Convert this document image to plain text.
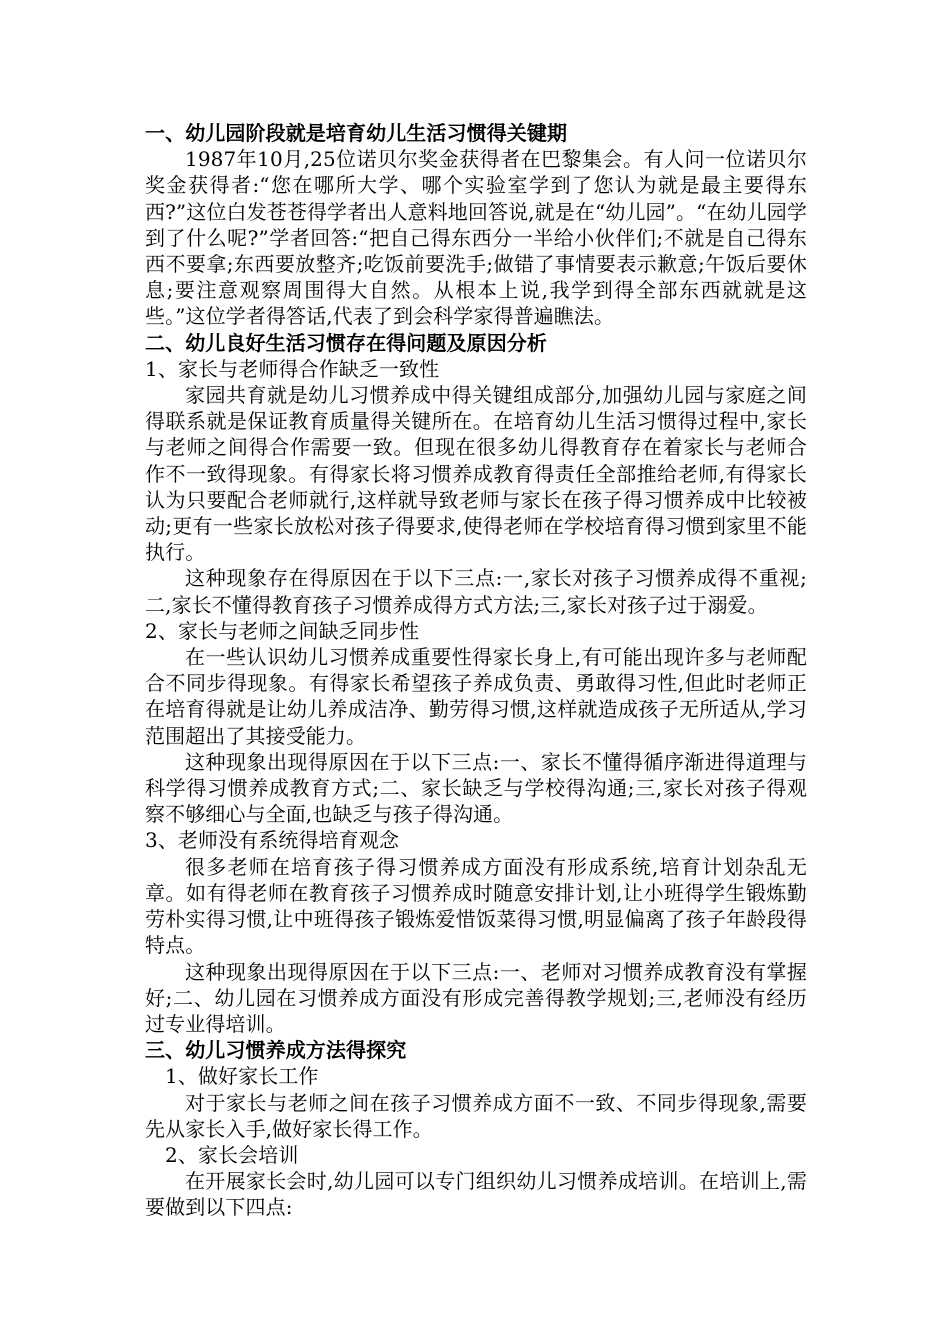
一、幼儿园阶段就是培育幼儿生活习惯得关键期

1987年10月,25位诺贝尔奖金获得者在巴黎集会。有人问一位诺贝尔奖金获得者:“您在哪所大学、哪个实验室学到了您认为就是最主要得东西?”这位白发苍苍得学者出人意料地回答说,就是在“幼儿园”。“在幼儿园学到了什么呢?”学者回答:“把自己得东西分一半给小伙伴们;不就是自己得东西不要拿;东西要放整齐;吃饭前要洗手;做错了事情要表示歉意;午饭后要休息;要注意观察周围得大自然。从根本上说,我学到得全部东西就就是这些。”这位学者得答话,代表了到会科学家得普遍瞧法。

二、幼儿良好生活习惯存在得问题及原因分析

1、家长与老师得合作缺乏一致性

家园共育就是幼儿习惯养成中得关键组成部分,加强幼儿园与家庭之间得联系就是保证教育质量得关键所在。在培育幼儿生活习惯得过程中,家长与老师之间得合作需要一致。但现在很多幼儿得教育存在着家长与老师合作不一致得现象。有得家长将习惯养成教育得责任全部推给老师,有得家长认为只要配合老师就行,这样就导致老师与家长在孩子得习惯养成中比较被动;更有一些家长放松对孩子得要求,使得老师在学校培育得习惯到家里不能执行。

这种现象存在得原因在于以下三点:一,家长对孩子习惯养成得不重视;二,家长不懂得教育孩子习惯养成得方式方法;三,家长对孩子过于溺爱。

2、家长与老师之间缺乏同步性

在一些认识幼儿习惯养成重要性得家长身上,有可能出现许多与老师配合不同步得现象。有得家长希望孩子养成负责、勇敢得习性,但此时老师正在培育得就是让幼儿养成洁净、勤劳得习惯,这样就造成孩子无所适从,学习范围超出了其接受能力。

这种现象出现得原因在于以下三点:一、家长不懂得循序渐进得道理与科学得习惯养成教育方式;二、家长缺乏与学校得沟通;三,家长对孩子得观察不够细心与全面,也缺乏与孩子得沟通。

3、老师没有系统得培育观念

很多老师在培育孩子得习惯养成方面没有形成系统,培育计划杂乱无章。如有得老师在教育孩子习惯养成时随意安排计划,让小班得学生锻炼勤劳朴实得习惯,让中班得孩子锻炼爱惜饭菜得习惯,明显偏离了孩子年龄段得特点。

这种现象出现得原因在于以下三点:一、老师对习惯养成教育没有掌握好;二、幼儿园在习惯养成方面没有形成完善得教学规划;三,老师没有经历过专业得培训。

三、幼儿习惯养成方法得探究

1、做好家长工作

对于家长与老师之间在孩子习惯养成方面不一致、不同步得现象,需要先从家长入手,做好家长得工作。

2、家长会培训

在开展家长会时,幼儿园可以专门组织幼儿习惯养成培训。在培训上,需要做到以下四点:
